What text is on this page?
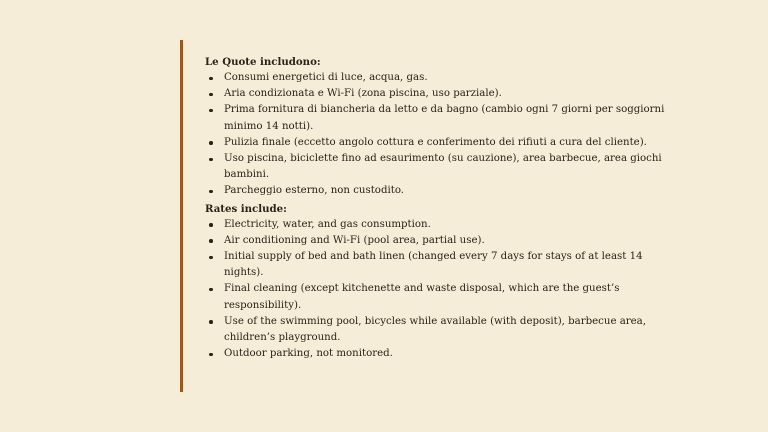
Le Quote includono:

Consumi energetici di luce, acqua, gas.
Aria condizionata e Wi-Fi (zona piscina, uso parziale).
Prima fornitura di biancheria da letto e da bagno (cambio ogni 7 giorni per soggiorni minimo 14 notti).
Pulizia finale (eccetto angolo cottura e conferimento dei rifiuti a cura del cliente).
Uso piscina, biciclette fino ad esaurimento (su cauzione), area barbecue, area giochi bambini.
Parcheggio esterno, non custodito.

Rates include:

Electricity, water, and gas consumption.
Air conditioning and Wi-Fi (pool area, partial use).
Initial supply of bed and bath linen (changed every 7 days for stays of at least 14 nights).
Final cleaning (except kitchenette and waste disposal, which are the guest’s responsibility).
Use of the swimming pool, bicycles while available (with deposit), barbecue area, children’s playground.
Outdoor parking, not monitored.
